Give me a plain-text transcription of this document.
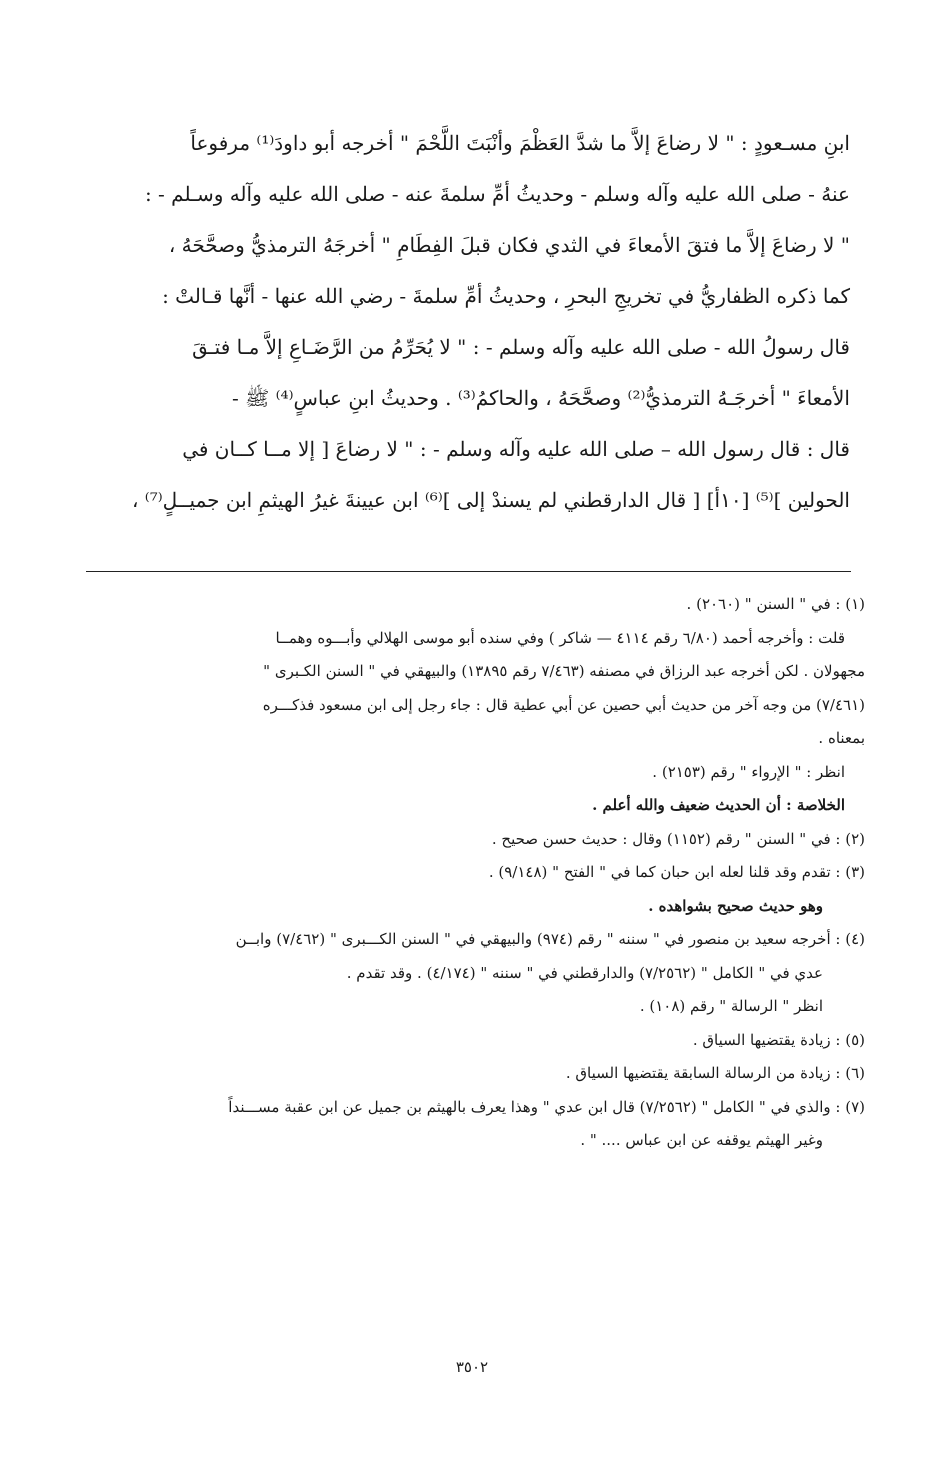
ابنِ مسـعودٍ : " لا رضاعَ إلاَّ ما شدَّ العَظْمَ وأنْبَتَ اللَّحْمَ " أخرجه أبو داودَ⁽¹⁾ مرفوعاً

عنهُ - صلى الله عليه وآله وسلم - وحديثُ أمِّ سلمةَ عنه - صلى الله عليه وآله وسـلم - :

" لا رضاعَ إلاَّ ما فتقَ الأمعاءَ في الثدي فكان قبلَ الفِطَامِ " أخرجَهُ الترمذيُّ وصحَّحَهُ ،

كما ذكره الظفاريُّ في تخريجِ البحرِ ، وحديثُ أمِّ سلمةَ - رضي الله عنها - أنَّها قـالتْ :

قال رسولُ الله - صلى الله عليه وآله وسلم - : " لا يُحَرِّمُ من الرَّضَـاعِ إلاَّ مـا فتـقَ

الأمعاءَ " أخرجَـهُ الترمذيُّ⁽²⁾ وصحَّحَهُ ، والحاكمُ⁽³⁾ . وحديثُ ابنِ عباسٍ⁽⁴⁾ ﷺ -

قال : قال رسول الله – صلى الله عليه وآله وسلم - : " لا رضاعَ [ إلا مــا كــان في

الحولين ]⁽⁵⁾ [١٠أ] [ قال الدارقطني لم يسندْ إلى ]⁽⁶⁾ ابن عيينةَ غيرُ الهيثمِ ابن جميــلٍ⁽⁷⁾ ،

(١) : في " السنن " (٢٠٦٠) .

قلت : وأخرجه أحمد (٦/٨٠ رقم ٤١١٤ — شاكر ) وفي سنده أبو موسى الهلالي وأبـــوه وهمــا

مجهولان . لكن أخرجه عبد الرزاق في مصنفه (٧/٤٦٣ رقم ١٣٨٩٥) والبيهقي في " السنن الكـبرى "

(٧/٤٦١) من وجه آخر من حديث أبي حصين عن أبي عطية قال : جاء رجل إلى ابن مسعود فذكـــره

بمعناه .

انظر : " الإرواء " رقم (٢١٥٣) .

الخلاصة : أن الحديث ضعيف والله أعلم .

(٢) : في " السنن " رقم (١١٥٢) وقال : حديث حسن صحيح .

(٣) : تقدم وقد قلنا لعله ابن حبان كما في " الفتح " (٩/١٤٨) .

وهو حديث صحيح بشواهده .

(٤) : أخرجه سعيد بن منصور في " سننه " رقم (٩٧٤) والبيهقي في " السنن الكـــبرى " (٧/٤٦٢) وابــن

عدي في " الكامل " (٧/٢٥٦٢) والدارقطني في " سننه " (٤/١٧٤) . وقد تقدم .

انظر " الرسالة " رقم (١٠٨) .

(٥) : زيادة يقتضيها السياق .

(٦) : زيادة من الرسالة السابقة يقتضيها السياق .

(٧) : والذي في " الكامل " (٧/٢٥٦٢) قال ابن عدي " وهذا يعرف بالهيثم بن جميل عن ابن عقبة مســـنداً

وغير الهيثم يوقفه عن ابن عباس .... " .

٣٥٠٢
